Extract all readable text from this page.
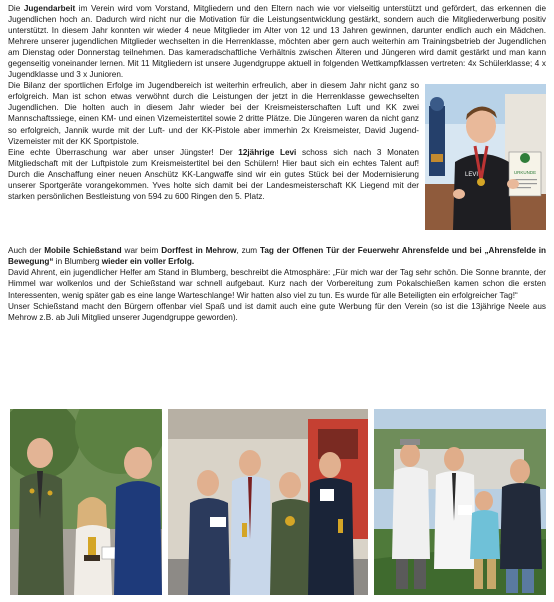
Die Jugendarbeit im Verein wird vom Vorstand, Mitgliedern und den Eltern nach wie vor vielseitig unterstützt und gefördert, das erkennen die Jugendlichen hoch an. Dadurch wird nicht nur die Motivation für die Leistungsentwicklung gestärkt, sondern auch die Mitgliederwerbung positiv unterstützt. In diesem Jahr konnten wir wieder 4 neue Mitglieder im Alter von 12 und 13 Jahren gewinnen, darunter endlich auch ein Mädchen. Mehrere unserer jugendlichen Mitglieder wechselten in die Herrenklasse, möchten aber gern auch weiterhin am Trainingsbetrieb der Jugendlichen am Dienstag oder Donnerstag teilnehmen. Das kameradschaftliche Verhältnis zwischen Älteren und Jüngeren wird damit gestärkt und man kann gegenseitig voneinander lernen. Mit 11 Mitgliedern ist unsere Jugendgruppe aktuell in folgenden Wettkampfklassen vertreten: 4x Schülerklasse; 4 x Jugendklasse und 3 x Junioren.

LEVI	URKUNDE

Die Bilanz der sportlichen Erfolge im Jugendbereich ist weiterhin erfreulich, aber in diesem Jahr nicht ganz so erfolgreich. Man ist schon etwas verwöhnt durch die Leistungen der jetzt in die Herrenklasse gewechselten Jugendlichen. Die holten auch in diesem Jahr wieder bei der Kreismeisterschaften Luft und KK zwei Mannschaftssiege, einen KM- und einen Vizemeistertitel sowie 2 dritte Plätze. Die Jüngeren waren da nicht ganz so erfolgreich, Jannik wurde mit der Luft- und der KK-Pistole aber immerhin 2x Kreismeister, David Jugend-Vizemeister mit der KK Sportpistole.

Eine echte Überraschung war aber unser Jüngster! Der 12jährige Levi schoss sich nach 3 Monaten Mitgliedschaft mit der Luftpistole zum Kreismeistertitel bei den Schülern! Hier baut sich ein echtes Talent auf! Durch die Anschaffung einer neuen Anschütz KK-Langwaffe sind wir ein gutes Stück bei der Modernisierung unserer Sportgeräte vorangekommen. Yves holte sich damit bei der Landesmeisterschaft KK Liegend mit der starken persönlichen Bestleistung von 594 zu 600 Ringen den 5. Platz.

Auch der Mobile Schießstand war beim Dorffest in Mehrow, zum Tag der Offenen Tür der Feuerwehr Ahrensfelde und bei „Ahrensfelde in Bewegung“ in Blumberg wieder ein voller Erfolg.

David Ahrent, ein jugendlicher Helfer am Stand in Blumberg, beschreibt die Atmosphäre: „Für mich war der Tag sehr schön. Die Sonne brannte, der Himmel war wolkenlos und der Schießstand war schnell aufgebaut. Kurz nach der Vorbereitung zum Pokalschießen kamen schon die ersten Interessenten, wenig später gab es eine lange Warteschlange! Wir hatten also viel zu tun. Es wurde für alle Beteiligten ein erfolgreicher Tag!“

Unser Schießstand macht den Bürgern offenbar viel Spaß und ist damit auch eine gute Werbung für den Verein (so ist die 13jährige Neele aus Mehrow z.B. ab Juli Mitglied unserer Jugendgruppe geworden).
